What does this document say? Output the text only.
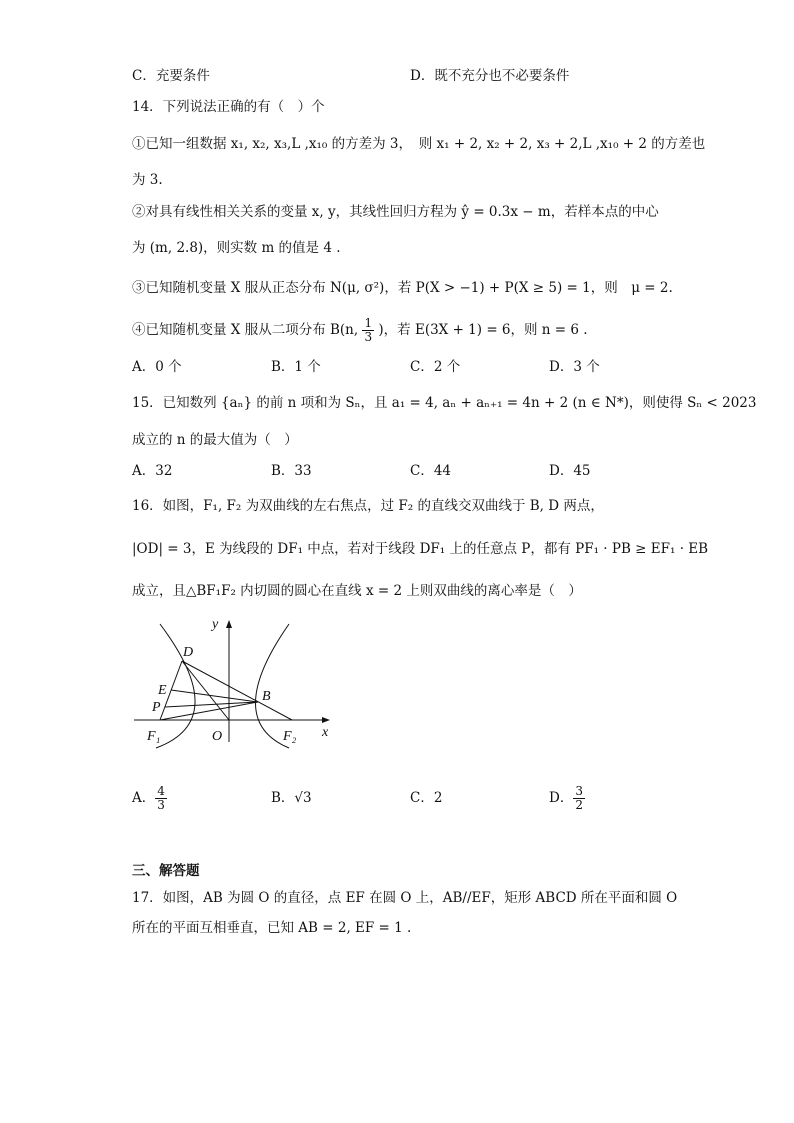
C．充要条件	D．既不充分也不必要条件
14．下列说法正确的有（　）个
①已知一组数据 x₁, x₂, x₃,L ,x₁₀ 的方差为 3，　则 x₁ + 2, x₂ + 2, x₃ + 2,L ,x₁₀ + 2 的方差也
为 3.
②对具有线性相关关系的变量 x, y，其线性回归方程为 ŷ = 0.3x − m，若样本点的中心
为 (m, 2.8)，则实数 m 的值是 4 .
③已知随机变量 X 服从正态分布 N(μ, σ²)，若 P(X > −1) + P(X ≥ 5) = 1，则　μ = 2.
④已知随机变量 X 服从二项分布 B(n, $\frac{1}{3}$ )，若 E(3X + 1) = 6，则 n = 6 .
A．0 个	B．1 个	C．2 个	D．3 个
15．已知数列 {aₙ} 的前 n 项和为 Sₙ，且 a₁ = 4, aₙ + aₙ₊₁ = 4n + 2 (n ∈ N*)，则使得 Sₙ < 2023
成立的 n 的最大值为（　）
A．32	B．33	C．44	D．45
16．如图，F₁, F₂ 为双曲线的左右焦点，过 F₂ 的直线交双曲线于 B, D 两点，
|OD| = 3，E 为线段的 DF₁ 中点，若对于线段 DF₁ 上的任意点 P，都有 PF₁ · PB ≥ EF₁ · EB
成立，且△BF₁F₂ 内切圆的圆心在直线 x = 2 上则双曲线的离心率是（　）
y
x
D
E
P
B
F₁	O	F₂
A． $\frac{4}{3}$	B．√3	C．2	D． $\frac{3}{2}$
三、解答题
17．如图，AB 为圆 O 的直径，点 EF 在圆 O 上，AB//EF，矩形 ABCD 所在平面和圆 O
所在的平面互相垂直，已知 AB = 2, EF = 1 .
